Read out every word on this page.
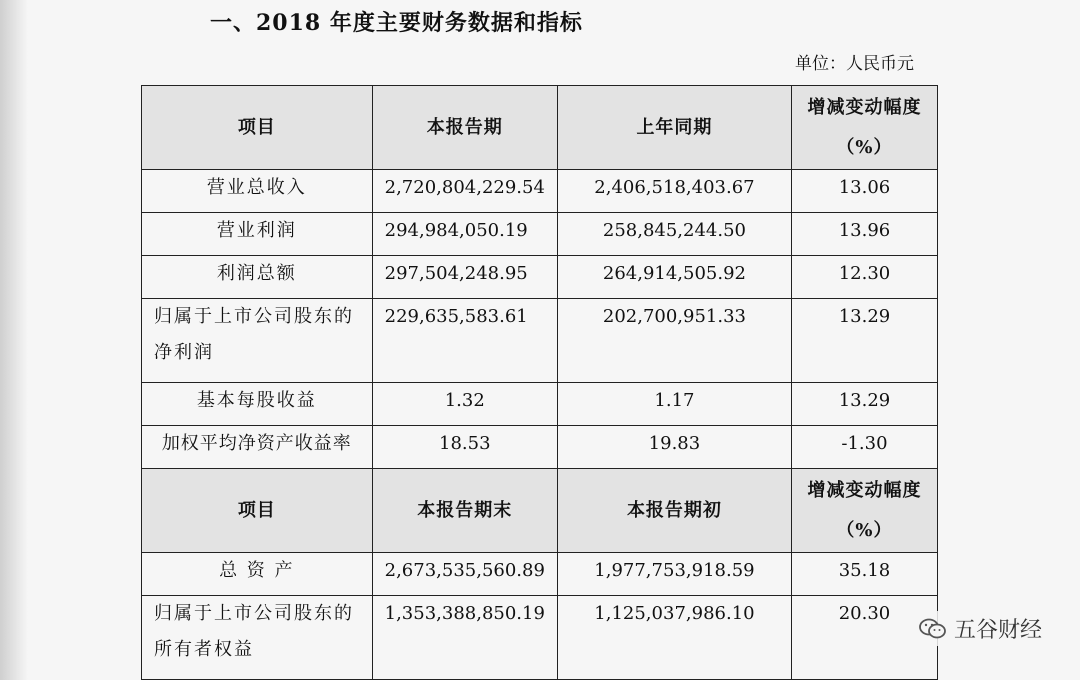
一、2018 年度主要财务数据和指标
单位：人民币元
项目	本报告期	上年同期	增减变动幅度
（%）

营业总收入	2,720,804,229.54	2,406,518,403.67	13.06
营业利润	294,984,050.19	258,845,244.50	13.96
利润总额	297,504,248.95	264,914,505.92	12.30
归属于上市公司股东的净利润	229,635,583.61	202,700,951.33	13.29
基本每股收益	1.32	1.17	13.29
加权平均净资产收益率	18.53	19.83	-1.30
项目	本报告期末	本报告期初	增减变动幅度
（%）

总 资 产	2,673,535,560.89	1,977,753,918.59	35.18
归属于上市公司股东的所有者权益	1,353,388,850.19	1,125,037,986.10	20.30
五谷财经
